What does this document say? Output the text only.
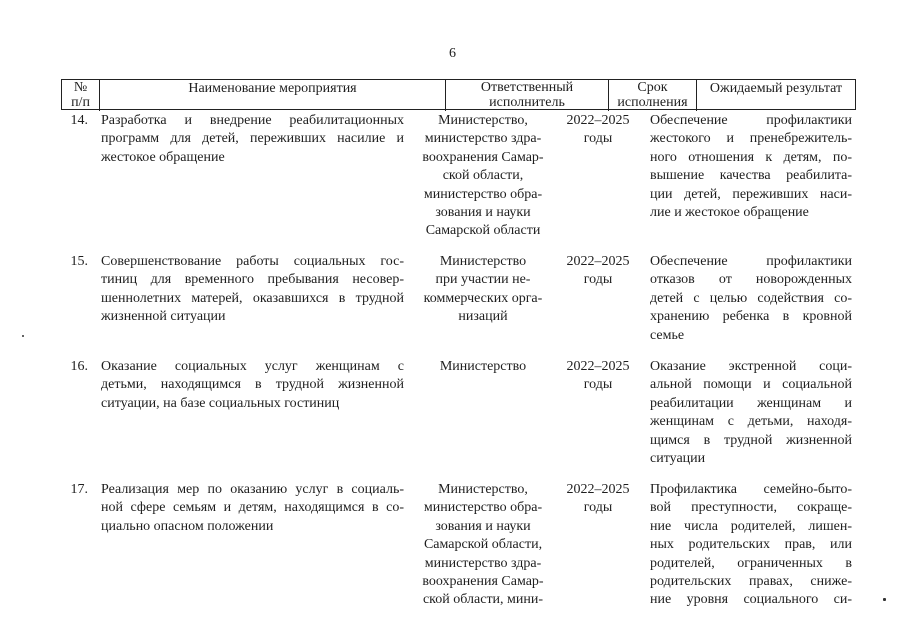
6
№
п/п
Наименование мероприятия	Ответственный
исполнитель
Срок
исполнения
Ожидаемый результат
14. Разработка и внедрение реабилитационных
программ для детей, переживших насилие и
жестокое обращение
Министерство,
министерство здра-
воохранения Самар-
ской области,
министерство обра-
зования и науки
Самарской области
2022–2025
годы
Обеспечение профилактики
жестокого и пренебрежитель-
ного отношения к детям, по-
вышение качества реабилита-
ции детей, переживших наси-
лие и жестокое обращение
15. Совершенствование работы социальных гос-
тиниц для временного пребывания несовер-
шеннолетних матерей, оказавшихся в трудной
жизненной ситуации
Министерство
при участии не-
коммерческих орга-
низаций
2022–2025
годы
Обеспечение профилактики
отказов от новорожденных
детей с целью содействия со-
хранению ребенка в кровной
семье
16. Оказание социальных услуг женщинам с
детьми, находящимся в трудной жизненной
ситуации, на базе социальных гостиниц
Министерство	2022–2025
годы
Оказание экстренной соци-
альной помощи и социальной
реабилитации женщинам и
женщинам с детьми, находя-
щимся в трудной жизненной
ситуации
17. Реализация мер по оказанию услуг в социаль-
ной сфере семьям и детям, находящимся в со-
циально опасном положении
Министерство,
министерство обра-
зования и науки
Самарской области,
министерство здра-
воохранения Самар-
ской области, мини-
2022–2025
годы
Профилактика семейно-быто-
вой преступности, сокраще-
ние числа родителей, лишен-
ных родительских прав, или
родителей, ограниченных в
родительских правах, сниже-
ние уровня социального си-
